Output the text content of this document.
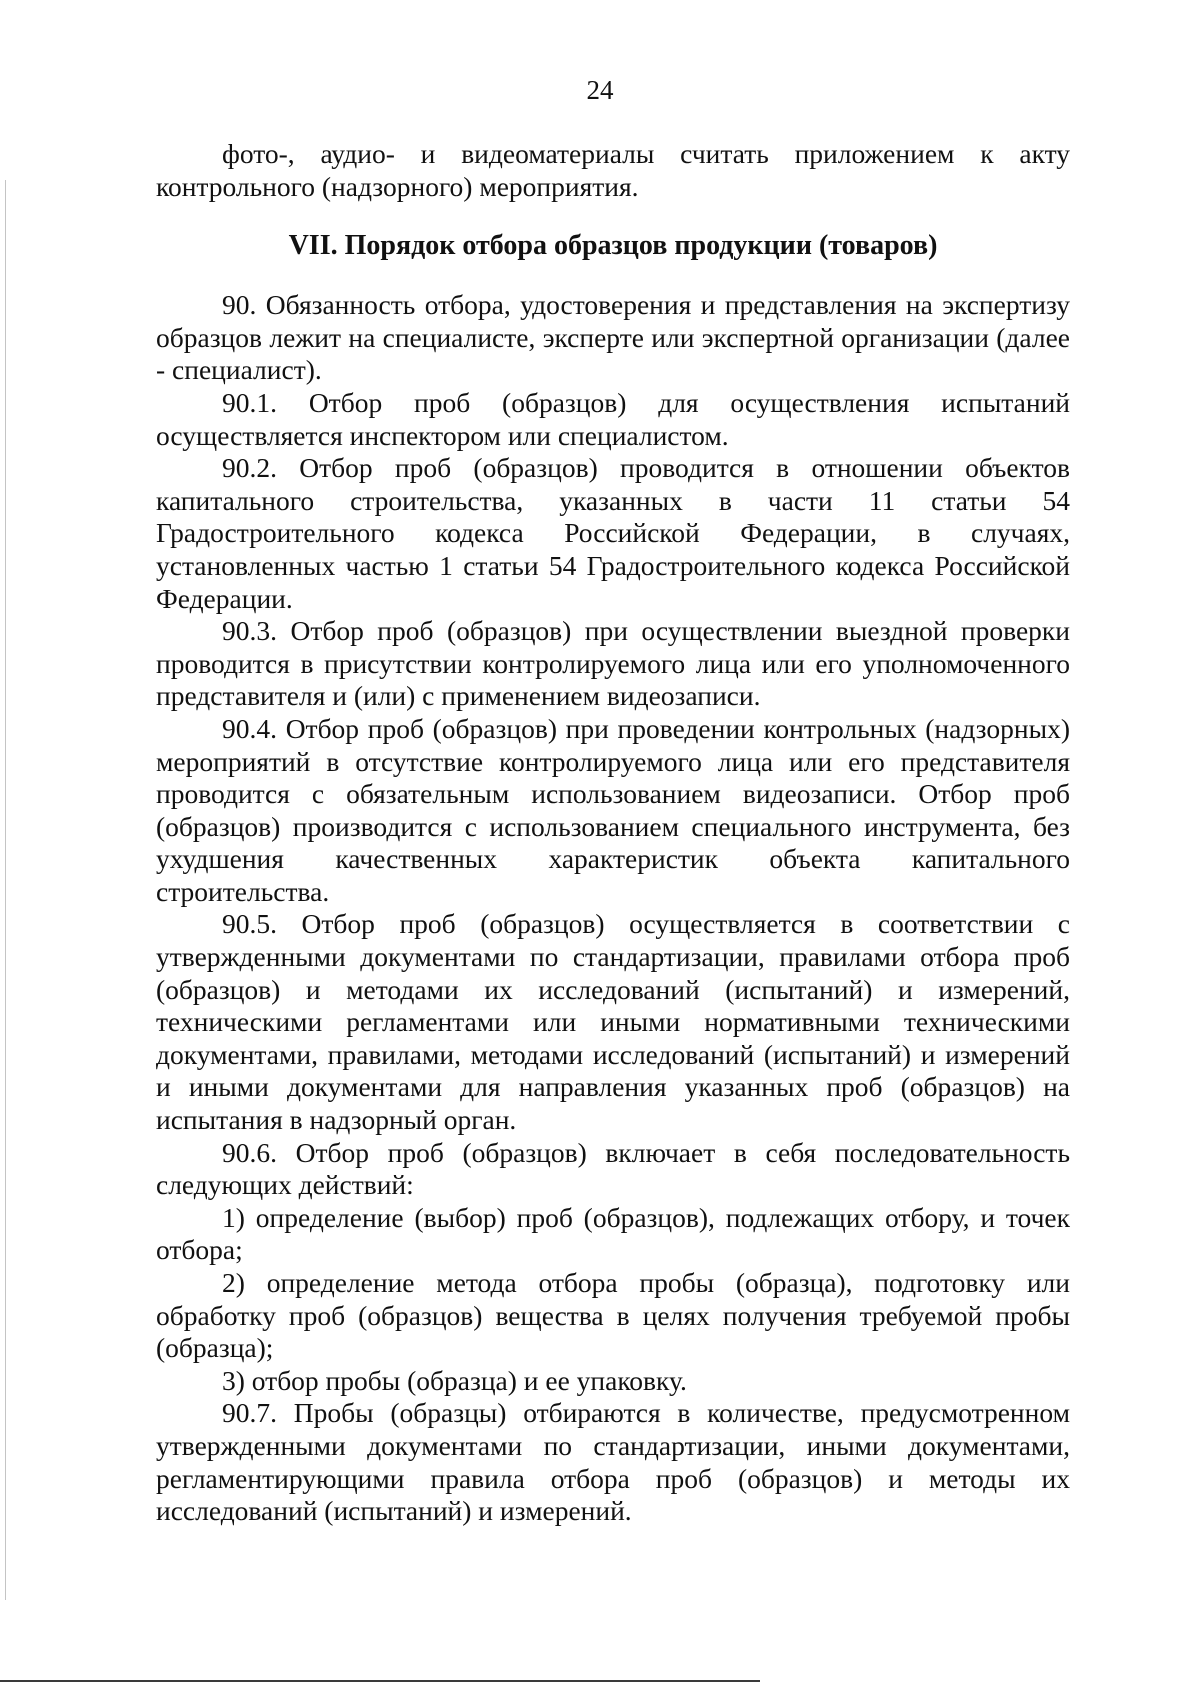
24

фото-, аудио- и видеоматериалы считать приложением к акту контрольного (надзорного) мероприятия.

VII. Порядок отбора образцов продукции (товаров)

90. Обязанность отбора, удостоверения и представления на экспертизу образцов лежит на специалисте, эксперте или экспертной организации (далее - специалист).

90.1. Отбор проб (образцов) для осуществления испытаний осуществляется инспектором или специалистом.

90.2. Отбор проб (образцов) проводится в отношении объектов капитального строительства, указанных в части 11 статьи 54 Градостроительного кодекса Российской Федерации, в случаях, установленных частью 1 статьи 54 Градостроительного кодекса Российской Федерации.

90.3. Отбор проб (образцов) при осуществлении выездной проверки проводится в присутствии контролируемого лица или его уполномоченного представителя и (или) с применением видеозаписи.

90.4. Отбор проб (образцов) при проведении контрольных (надзорных) мероприятий в отсутствие контролируемого лица или его представителя проводится с обязательным использованием видеозаписи. Отбор проб (образцов) производится с использованием специального инструмента, без ухудшения качественных характеристик объекта капитального строительства.

90.5. Отбор проб (образцов) осуществляется в соответствии с утвержденными документами по стандартизации, правилами отбора проб (образцов) и методами их исследований (испытаний) и измерений, техническими регламентами или иными нормативными техническими документами, правилами, методами исследований (испытаний) и измерений и иными документами для направления указанных проб (образцов) на испытания в надзорный орган.

90.6. Отбор проб (образцов) включает в себя последовательность следующих действий:

1) определение (выбор) проб (образцов), подлежащих отбору, и точек отбора;

2) определение метода отбора пробы (образца), подготовку или обработку проб (образцов) вещества в целях получения требуемой пробы (образца);

3) отбор пробы (образца) и ее упаковку.

90.7. Пробы (образцы) отбираются в количестве, предусмотренном утвержденными документами по стандартизации, иными документами, регламентирующими правила отбора проб (образцов) и методы их исследований (испытаний) и измерений.
